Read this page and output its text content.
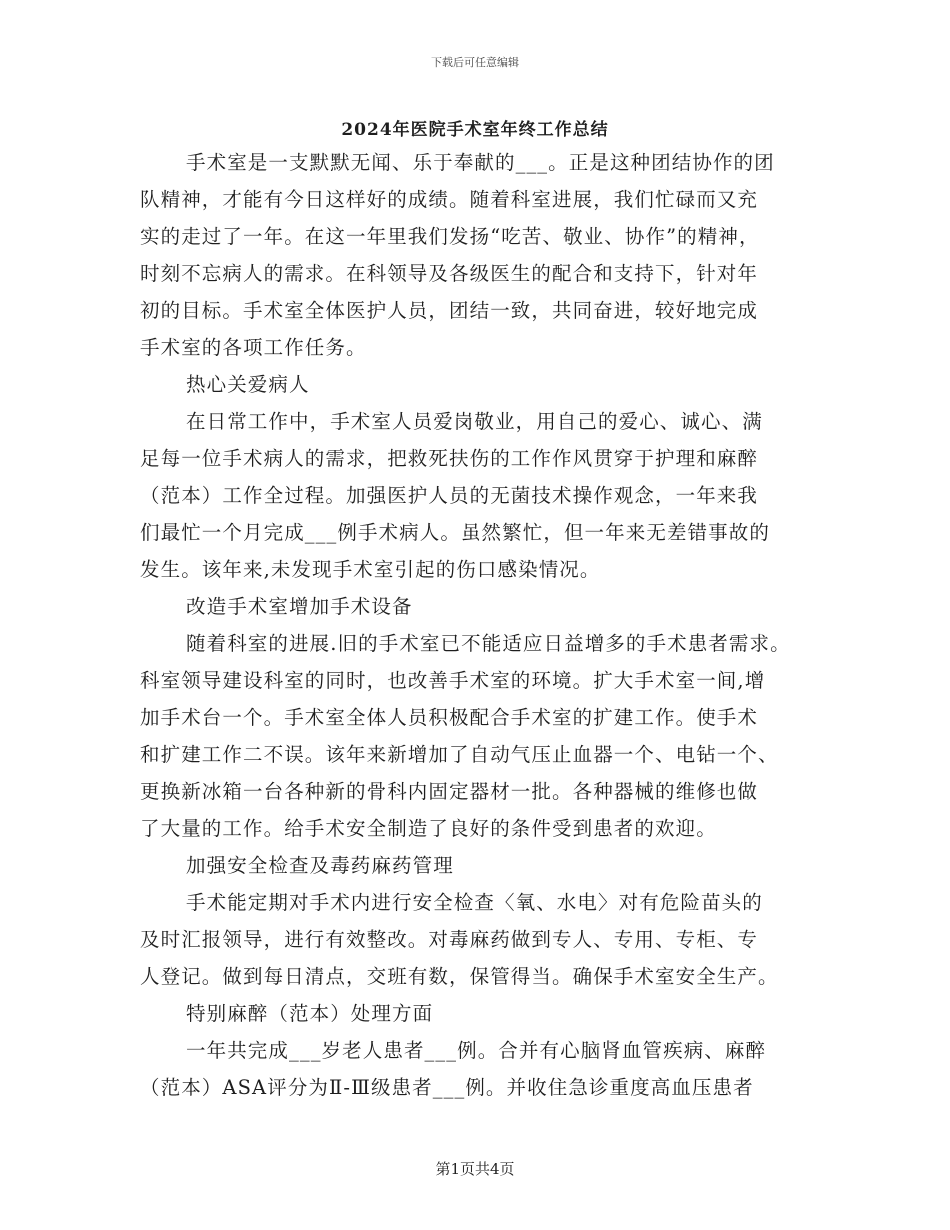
下载后可任意编辑
2024年医院手术室年终工作总结
手术室是一支默默无闻、乐于奉献的___。正是这种团结协作的团
队精神，才能有今日这样好的成绩。随着科室进展，我们忙碌而又充
实的走过了一年。在这一年里我们发扬“吃苦、敬业、协作”的精神，
时刻不忘病人的需求。在科领导及各级医生的配合和支持下，针对年
初的目标。手术室全体医护人员，团结一致，共同奋进，较好地完成
手术室的各项工作任务。
热心关爱病人
在日常工作中，手术室人员爱岗敬业，用自己的爱心、诚心、满
足每一位手术病人的需求，把救死扶伤的工作作风贯穿于护理和麻醉
（范本）工作全过程。加强医护人员的无菌技术操作观念，一年来我
们最忙一个月完成___例手术病人。虽然繁忙，但一年来无差错事故的
发生。该年来,未发现手术室引起的伤口感染情况。
改造手术室增加手术设备
随着科室的进展.旧的手术室已不能适应日益增多的手术患者需求。
科室领导建设科室的同时，也改善手术室的环境。扩大手术室一间,增
加手术台一个。手术室全体人员积极配合手术室的扩建工作。使手术
和扩建工作二不误。该年来新增加了自动气压止血器一个、电钻一个、
更换新冰箱一台各种新的骨科内固定器材一批。各种器械的维修也做
了大量的工作。给手术安全制造了良好的条件受到患者的欢迎。
加强安全检查及毒药麻药管理
手术能定期对手术内进行安全检查〈氧、水电〉对有危险苗头的
及时汇报领导，进行有效整改。对毒麻药做到专人、专用、专柜、专
人登记。做到每日清点，交班有数，保管得当。确保手术室安全生产。
特别麻醉（范本）处理方面
一年共完成___岁老人患者___例。合并有心脑肾血管疾病、麻醉
（范本）ASA评分为Ⅱ-Ⅲ级患者___例。并收住急诊重度高血压患者
第1页共4页
